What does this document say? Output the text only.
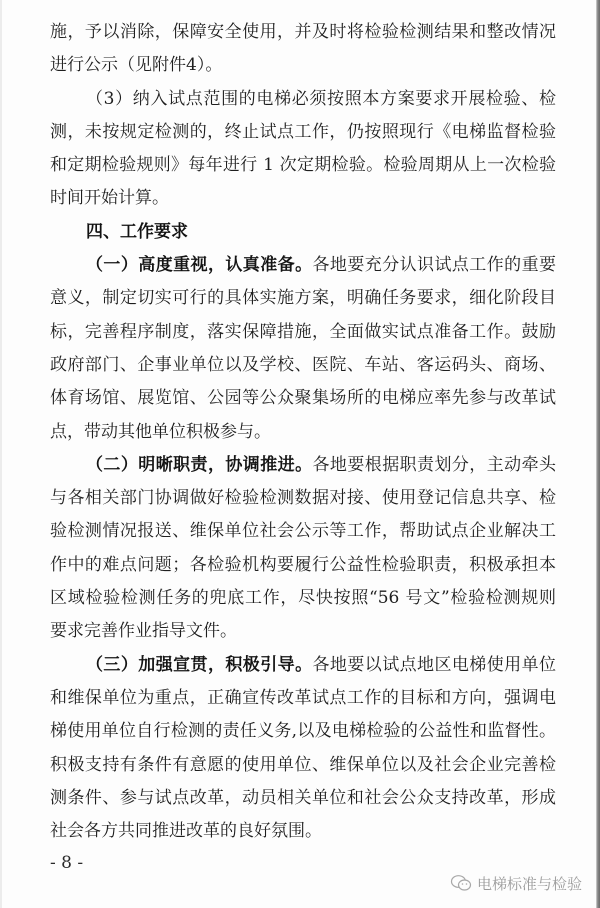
施，予以消除，保障安全使用，并及时将检验检测结果和整改情况
进行公示（见附件4）。
（3）纳入试点范围的电梯必须按照本方案要求开展检验、检
测，未按规定检测的，终止试点工作，仍按照现行《电梯监督检验
和定期检验规则》每年进行 1 次定期检验。检验周期从上一次检验
时间开始计算。
四、工作要求
（一）高度重视，认真准备。各地要充分认识试点工作的重要
意义，制定切实可行的具体实施方案，明确任务要求，细化阶段目
标，完善程序制度，落实保障措施，全面做实试点准备工作。鼓励
政府部门、企事业单位以及学校、医院、车站、客运码头、商场、
体育场馆、展览馆、公园等公众聚集场所的电梯应率先参与改革试
点，带动其他单位积极参与。
（二）明晰职责，协调推进。各地要根据职责划分，主动牵头
与各相关部门协调做好检验检测数据对接、使用登记信息共享、检
验检测情况报送、维保单位社会公示等工作，帮助试点企业解决工
作中的难点问题；各检验机构要履行公益性检验职责，积极承担本
区域检验检测任务的兜底工作，尽快按照“56 号文”检验检测规则
要求完善作业指导文件。
（三）加强宣贯，积极引导。各地要以试点地区电梯使用单位
和维保单位为重点，正确宣传改革试点工作的目标和方向，强调电
梯使用单位自行检测的责任义务,以及电梯检验的公益性和监督性。
积极支持有条件有意愿的使用单位、维保单位以及社会企业完善检
测条件、参与试点改革，动员相关单位和社会公众支持改革，形成
社会各方共同推进改革的良好氛围。
- 8 -
电梯标准与检验
